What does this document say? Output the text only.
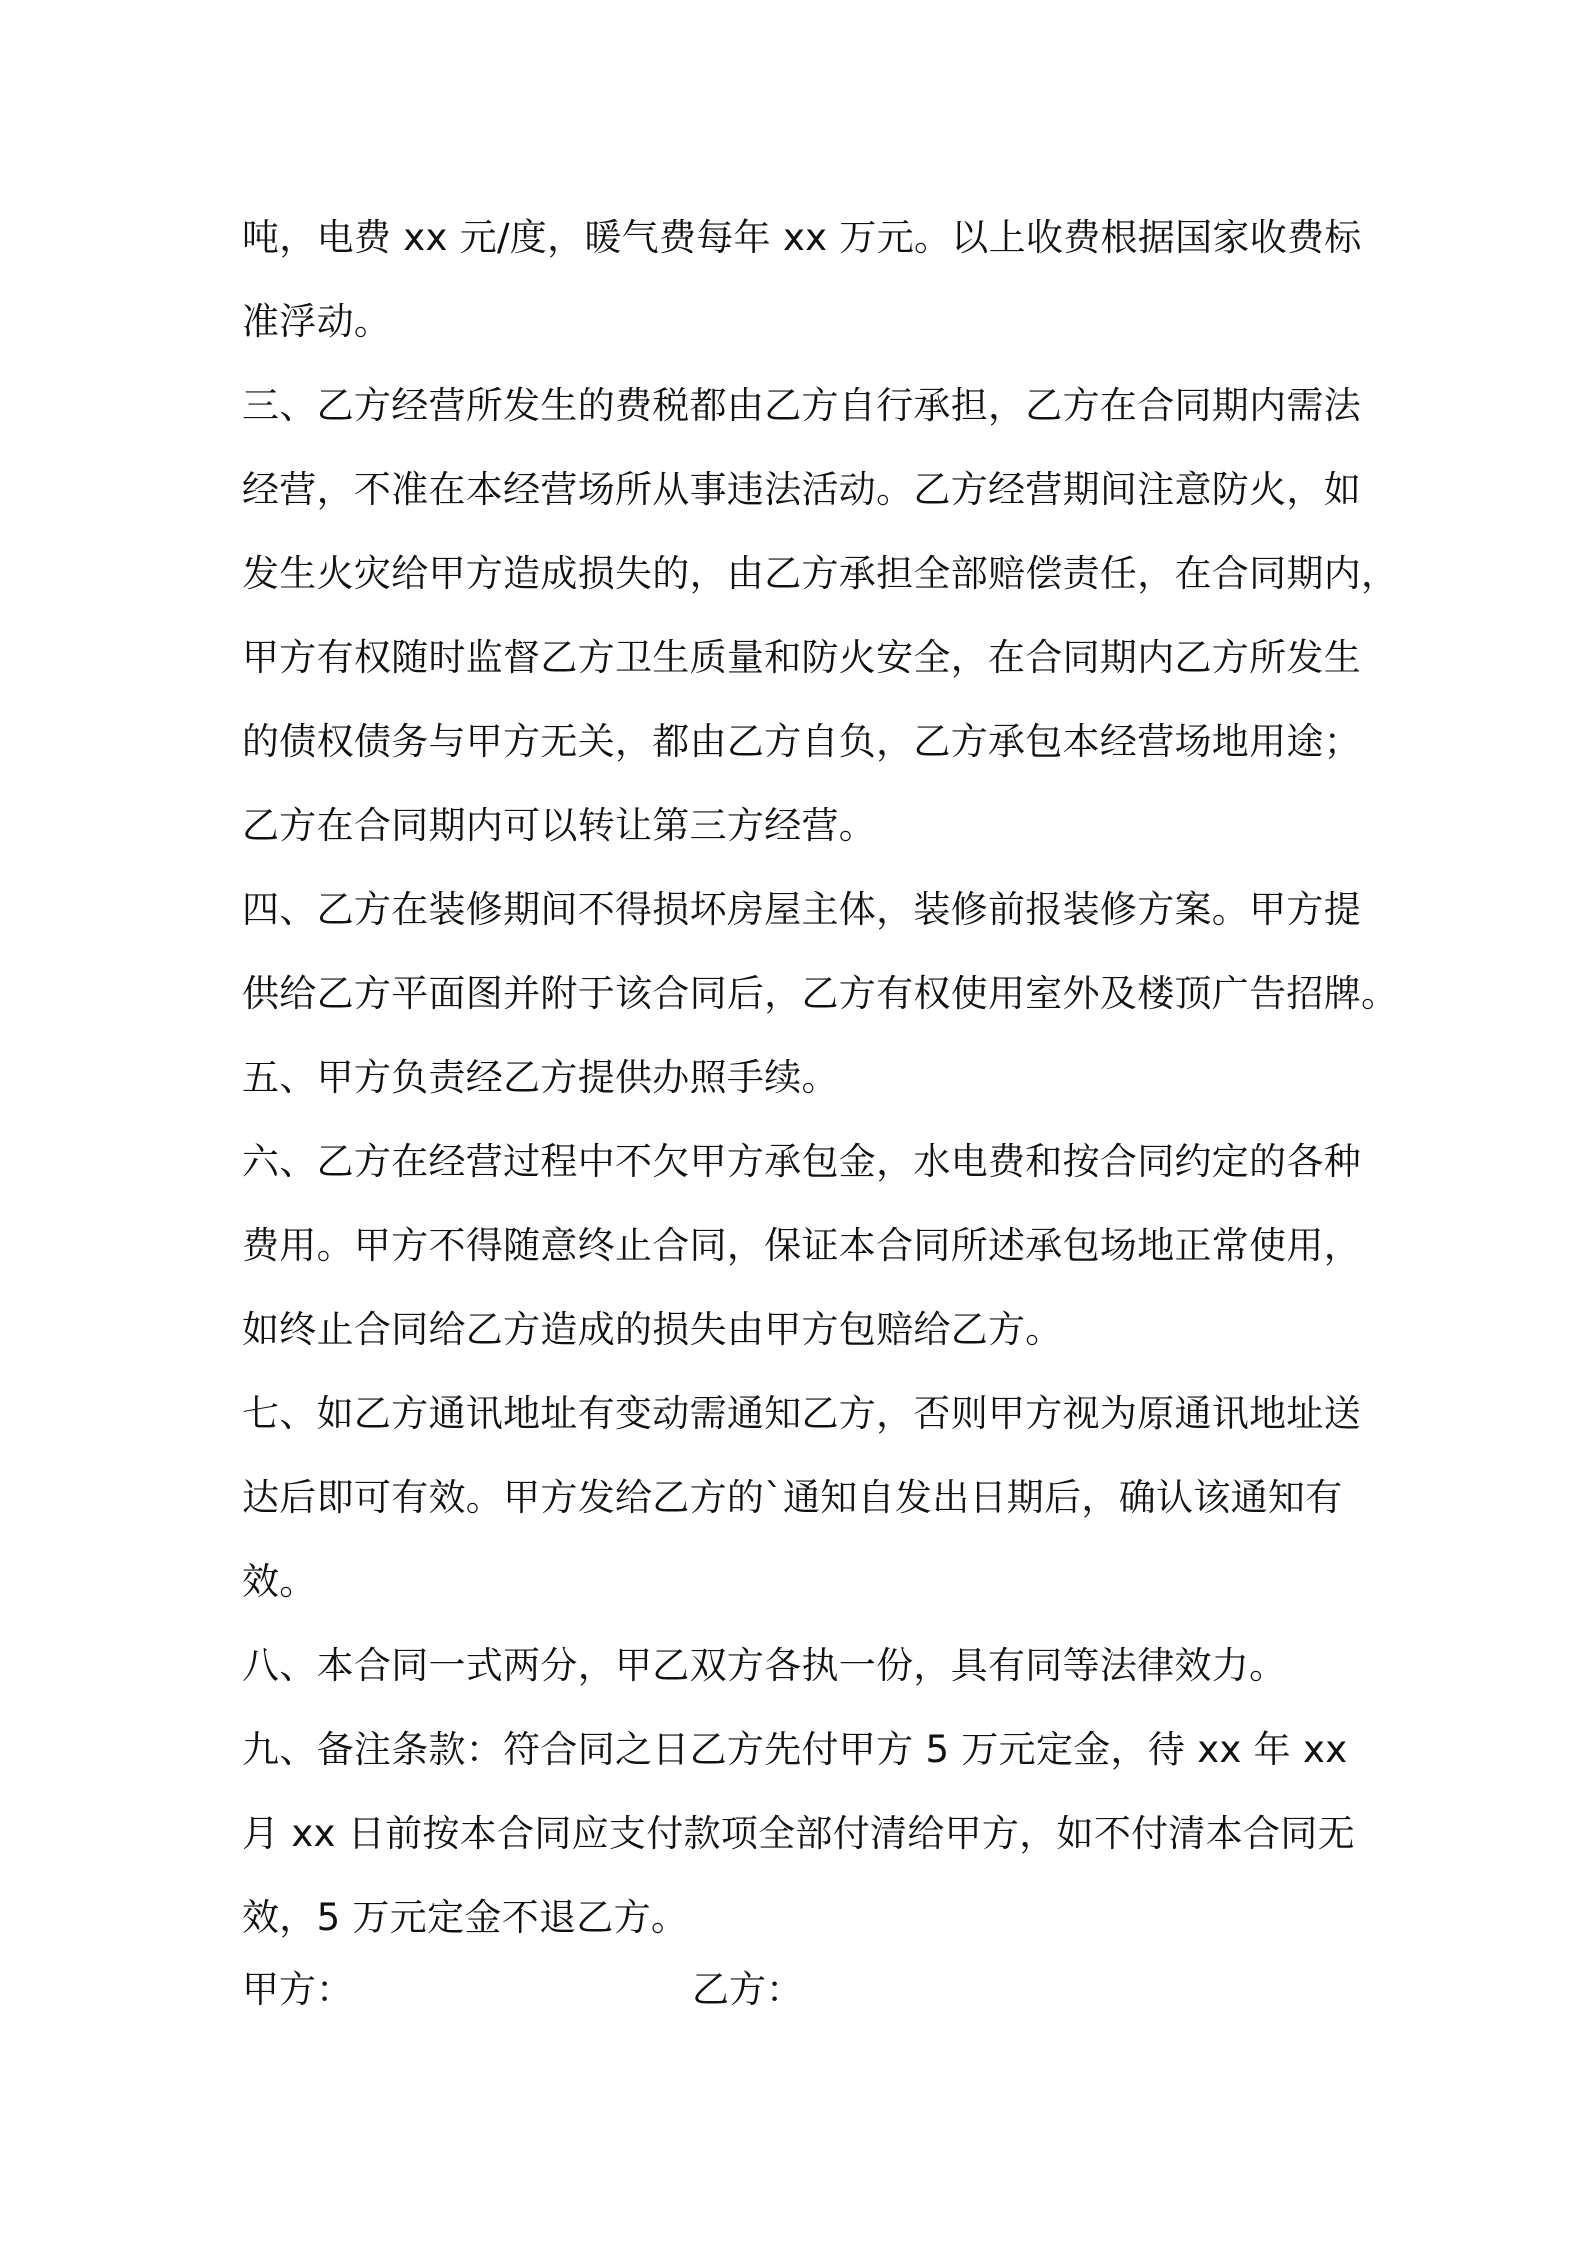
吨，电费 xx 元/度，暖气费每年 xx 万元。以上收费根据国家收费标
准浮动。
三、乙方经营所发生的费税都由乙方自行承担，乙方在合同期内需法
经营，不准在本经营场所从事违法活动。乙方经营期间注意防火，如
发生火灾给甲方造成损失的，由乙方承担全部赔偿责任，在合同期内，
甲方有权随时监督乙方卫生质量和防火安全，在合同期内乙方所发生
的债权债务与甲方无关，都由乙方自负，乙方承包本经营场地用途；
乙方在合同期内可以转让第三方经营。
四、乙方在装修期间不得损坏房屋主体，装修前报装修方案。甲方提
供给乙方平面图并附于该合同后，乙方有权使用室外及楼顶广告招牌。
五、甲方负责经乙方提供办照手续。
六、乙方在经营过程中不欠甲方承包金，水电费和按合同约定的各种
费用。甲方不得随意终止合同，保证本合同所述承包场地正常使用，
如终止合同给乙方造成的损失由甲方包赔给乙方。
七、如乙方通讯地址有变动需通知乙方，否则甲方视为原通讯地址送
达后即可有效。甲方发给乙方的`通知自发出日期后，确认该通知有
效。
八、本合同一式两分，甲乙双方各执一份，具有同等法律效力。
九、备注条款：符合同之日乙方先付甲方 5 万元定金，待 xx 年 xx
月 xx 日前按本合同应支付款项全部付清给甲方，如不付清本合同无
效，5 万元定金不退乙方。
甲方：	乙方：
